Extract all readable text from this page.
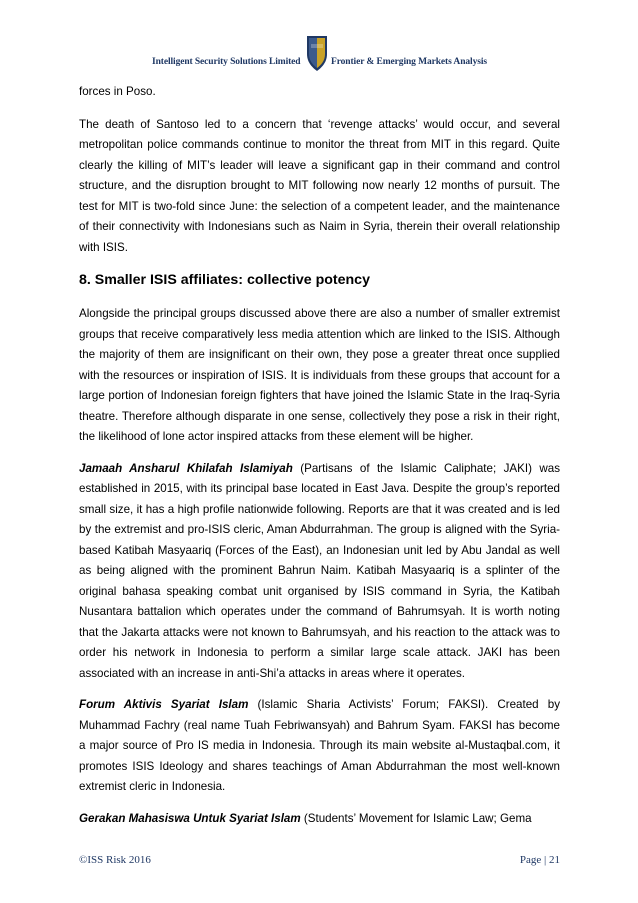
Intelligent Security Solutions Limited	Frontier & Emerging Markets Analysis

forces in Poso.

The death of Santoso led to a concern that ‘revenge attacks’ would occur, and several metropolitan police commands continue to monitor the threat from MIT in this regard. Quite clearly the killing of MIT’s leader will leave a significant gap in their command and control structure, and the disruption brought to MIT following now nearly 12 months of pursuit. The test for MIT is two-fold since June: the selection of a competent leader, and the maintenance of their connectivity with Indonesians such as Naim in Syria, therein their overall relationship with ISIS.

8. Smaller ISIS affiliates: collective potency

Alongside the principal groups discussed above there are also a number of smaller extremist groups that receive comparatively less media attention which are linked to the ISIS. Although the majority of them are insignificant on their own, they pose a greater threat once supplied with the resources or inspiration of ISIS. It is individuals from these groups that account for a large portion of Indonesian foreign fighters that have joined the Islamic State in the Iraq-Syria theatre. Therefore although disparate in one sense, collectively they pose a risk in their right, the likelihood of lone actor inspired attacks from these element will be higher.

Jamaah Ansharul Khilafah Islamiyah (Partisans of the Islamic Caliphate; JAKI) was established in 2015, with its principal base located in East Java. Despite the group’s reported small size, it has a high profile nationwide following. Reports are that it was created and is led by the extremist and pro-ISIS cleric, Aman Abdurrahman. The group is aligned with the Syria-based Katibah Masyaariq (Forces of the East), an Indonesian unit led by Abu Jandal as well as being aligned with the prominent Bahrun Naim. Katibah Masyaariq is a splinter of the original bahasa speaking combat unit organised by ISIS command in Syria, the Katibah Nusantara battalion which operates under the command of Bahrumsyah. It is worth noting that the Jakarta attacks were not known to Bahrumsyah, and his reaction to the attack was to order his network in Indonesia to perform a similar large scale attack. JAKI has been associated with an increase in anti-Shi’a attacks in areas where it operates.

Forum Aktivis Syariat Islam (Islamic Sharia Activists’ Forum; FAKSI). Created by Muhammad Fachry (real name Tuah Febriwansyah) and Bahrum Syam. FAKSI has become a major source of Pro IS media in Indonesia. Through its main website al-Mustaqbal.com, it promotes ISIS Ideology and shares teachings of Aman Abdurrahman the most well-known extremist cleric in Indonesia.

Gerakan Mahasiswa Untuk Syariat Islam (Students’ Movement for Islamic Law; Gema

©ISS Risk 2016	Page | 21
